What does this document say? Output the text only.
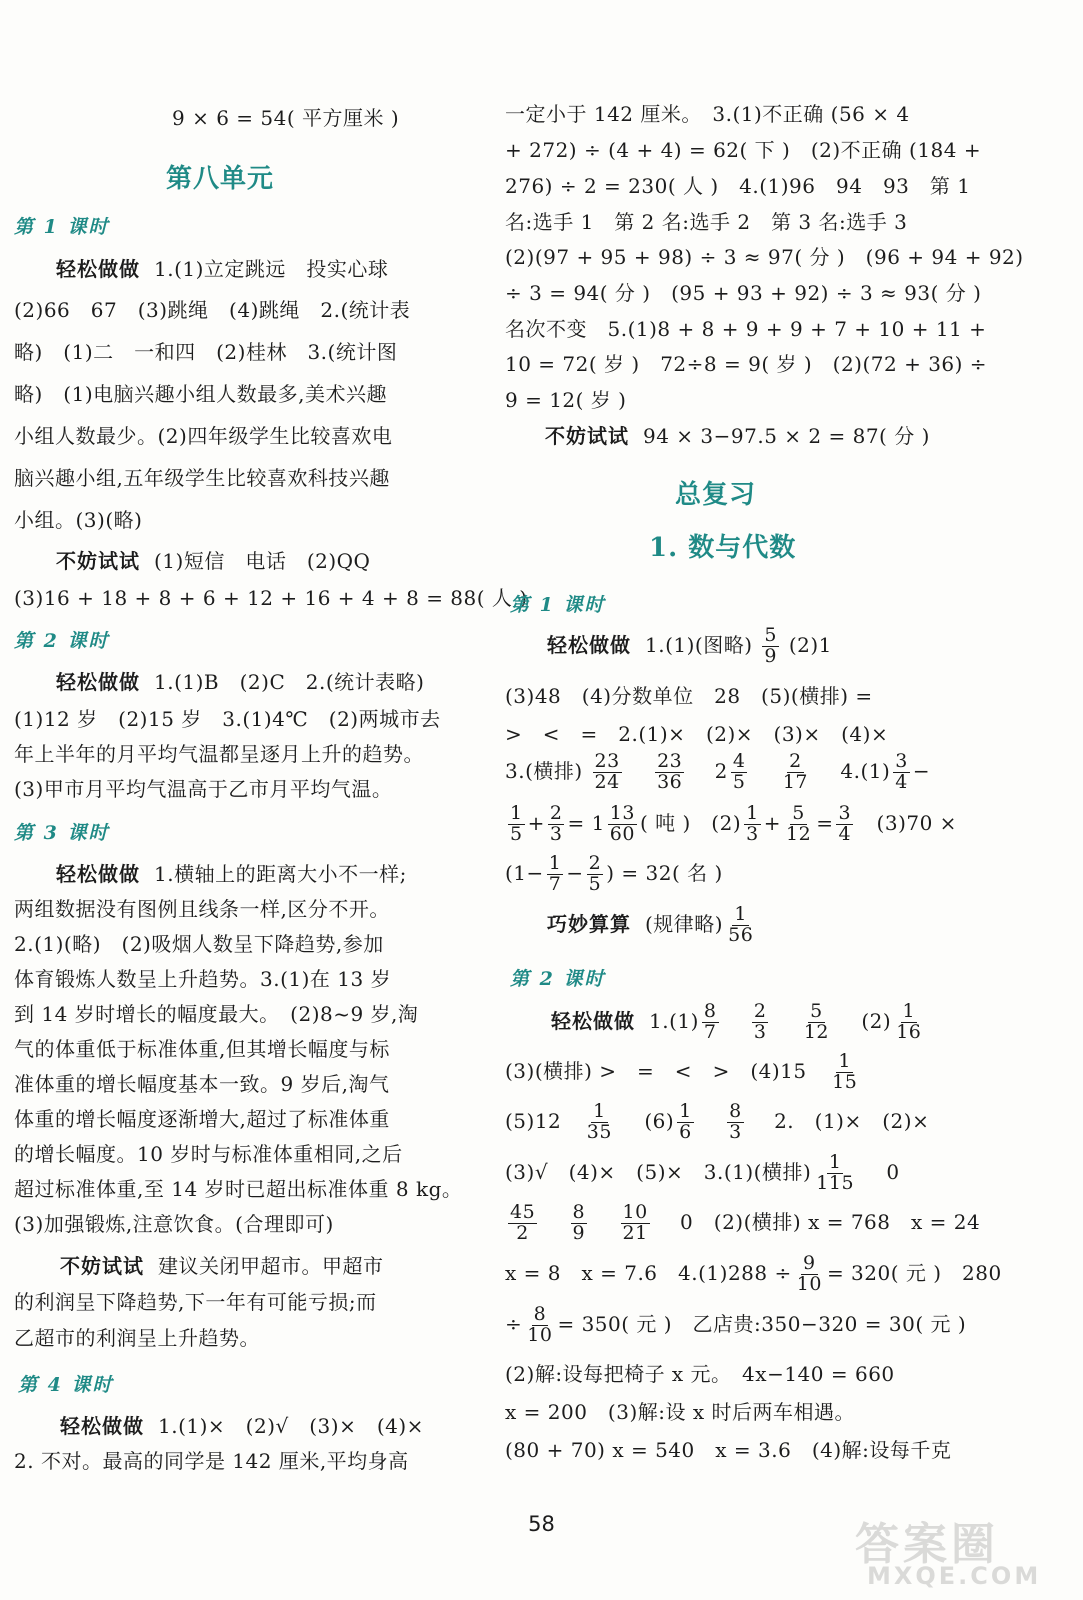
9 × 6 = 54( 平方厘米 )
第八单元
第 1 课时
轻松做做 1.(1)立定跳远　投实心球
(2)66　67　(3)跳绳　(4)跳绳　2.(统计表
略)　(1)二　一和四　(2)桂林　3.(统计图
略)　(1)电脑兴趣小组人数最多,美术兴趣
小组人数最少。(2)四年级学生比较喜欢电
脑兴趣小组,五年级学生比较喜欢科技兴趣
小组。(3)(略)
不妨试试 (1)短信　电话　(2)QQ
(3)16 + 18 + 8 + 6 + 12 + 16 + 4 + 8 = 88( 人 )
第 2 课时
轻松做做 1.(1)B　(2)C　2.(统计表略)
(1)12 岁　(2)15 岁　3.(1)4℃　(2)两城市去
年上半年的月平均气温都呈逐月上升的趋势。
(3)甲市月平均气温高于乙市月平均气温。
第 3 课时
轻松做做 1.横轴上的距离大小不一样;
两组数据没有图例且线条一样,区分不开。
2.(1)(略)　(2)吸烟人数呈下降趋势,参加
体育锻炼人数呈上升趋势。3.(1)在 13 岁
到 14 岁时增长的幅度最大。　(2)8~9 岁,淘
气的体重低于标准体重,但其增长幅度与标
准体重的增长幅度基本一致。9 岁后,淘气
体重的增长幅度逐渐增大,超过了标准体重
的增长幅度。10 岁时与标准体重相同,之后
超过标准体重,至 14 岁时已超出标准体重 8 kg。
(3)加强锻炼,注意饮食。(合理即可)
不妨试试 建议关闭甲超市。甲超市
的利润呈下降趋势,下一年有可能亏损;而
乙超市的利润呈上升趋势。
第 4 课时
轻松做做 1.(1)×　(2)√　(3)×　(4)×
2. 不对。最高的同学是 142 厘米,平均身高
一定小于 142 厘米。　3.(1)不正确 (56 × 4
+ 272) ÷ (4 + 4) = 62( 下 )　(2)不正确 (184 +
276) ÷ 2 = 230( 人 )　4.(1)96　94　93　第 1
名:选手 1　第 2 名:选手 2　第 3 名:选手 3
(2)(97 + 95 + 98) ÷ 3 ≈ 97( 分 )　(96 + 94 + 92)
÷ 3 = 94( 分 )　(95 + 93 + 92) ÷ 3 ≈ 93( 分 )
名次不变　5.(1)8 + 8 + 9 + 9 + 7 + 10 + 11 +
10 = 72( 岁 )　72÷8 = 9( 岁 )　(2)(72 + 36) ÷
9 = 12( 岁 )
不妨试试 94 × 3−97.5 × 2 = 87( 分 )
总复习
1. 数与代数
第 1 课时
轻松做做 1.(1)(图略) $\frac{5}{9} (2)1$
(3)48　(4)分数单位　28　(5)(横排) =
>　<　=　2.(1)×　(2)×　(3)×　(4)×
3.(横排) $\frac{23}{24}$
　 $\frac{23}{36}$
　 $2 \frac{4}{5}$
　 $\frac{2}{17}$
　 $4.(1) \frac{3}{4}$ −
$\frac{1}{5} + \frac{2}{3} = 1 \frac{13}{60}$ ( 吨 )　$(2) \frac{1}{3} + \frac{5}{12} = \frac{3}{4}$
　 (3)70 ×
($1- \frac{1}{7} - \frac{2}{5}$ ) = 32( 名 )
巧妙算算 (规律略) $\frac{1}{56}$
第 2 课时
轻松做做 $1.(1) \frac{8}{7}$
　 $\frac{2}{3}$
　 $\frac{5}{12}$
　 $(2) \frac{1}{16}$
(3)(横排) >　=　<　>　(4)15　 $\frac{1}{15}$
(5)12　 $\frac{1}{35}$
　 $(6) \frac{1}{6}$
　 $\frac{8}{3}$
　 2.　(1)×　(2)×
(3)√　(4)×　(5)×　3.(1)(横排) $\frac{1}{115}$
　 0
$\frac{45}{2}$
　 $\frac{8}{9}$
　 $\frac{10}{21}$
　 0　(2)(横排) x = 768　x = 24
x = 8　x = 7.6　$4.(1)288 \div \frac{9}{10} = 320$( 元 )　280
÷ $\frac{8}{10} = 350$( 元 )　乙店贵:350−320 = 30( 元 )
(2)解:设每把椅子 x 元。　4x−140 = 660
x = 200　(3)解:设 x 时后两车相遇。
(80 + 70) x = 540　x = 3.6　(4)解:设每千克
58	答案圈
MXQE.COM
